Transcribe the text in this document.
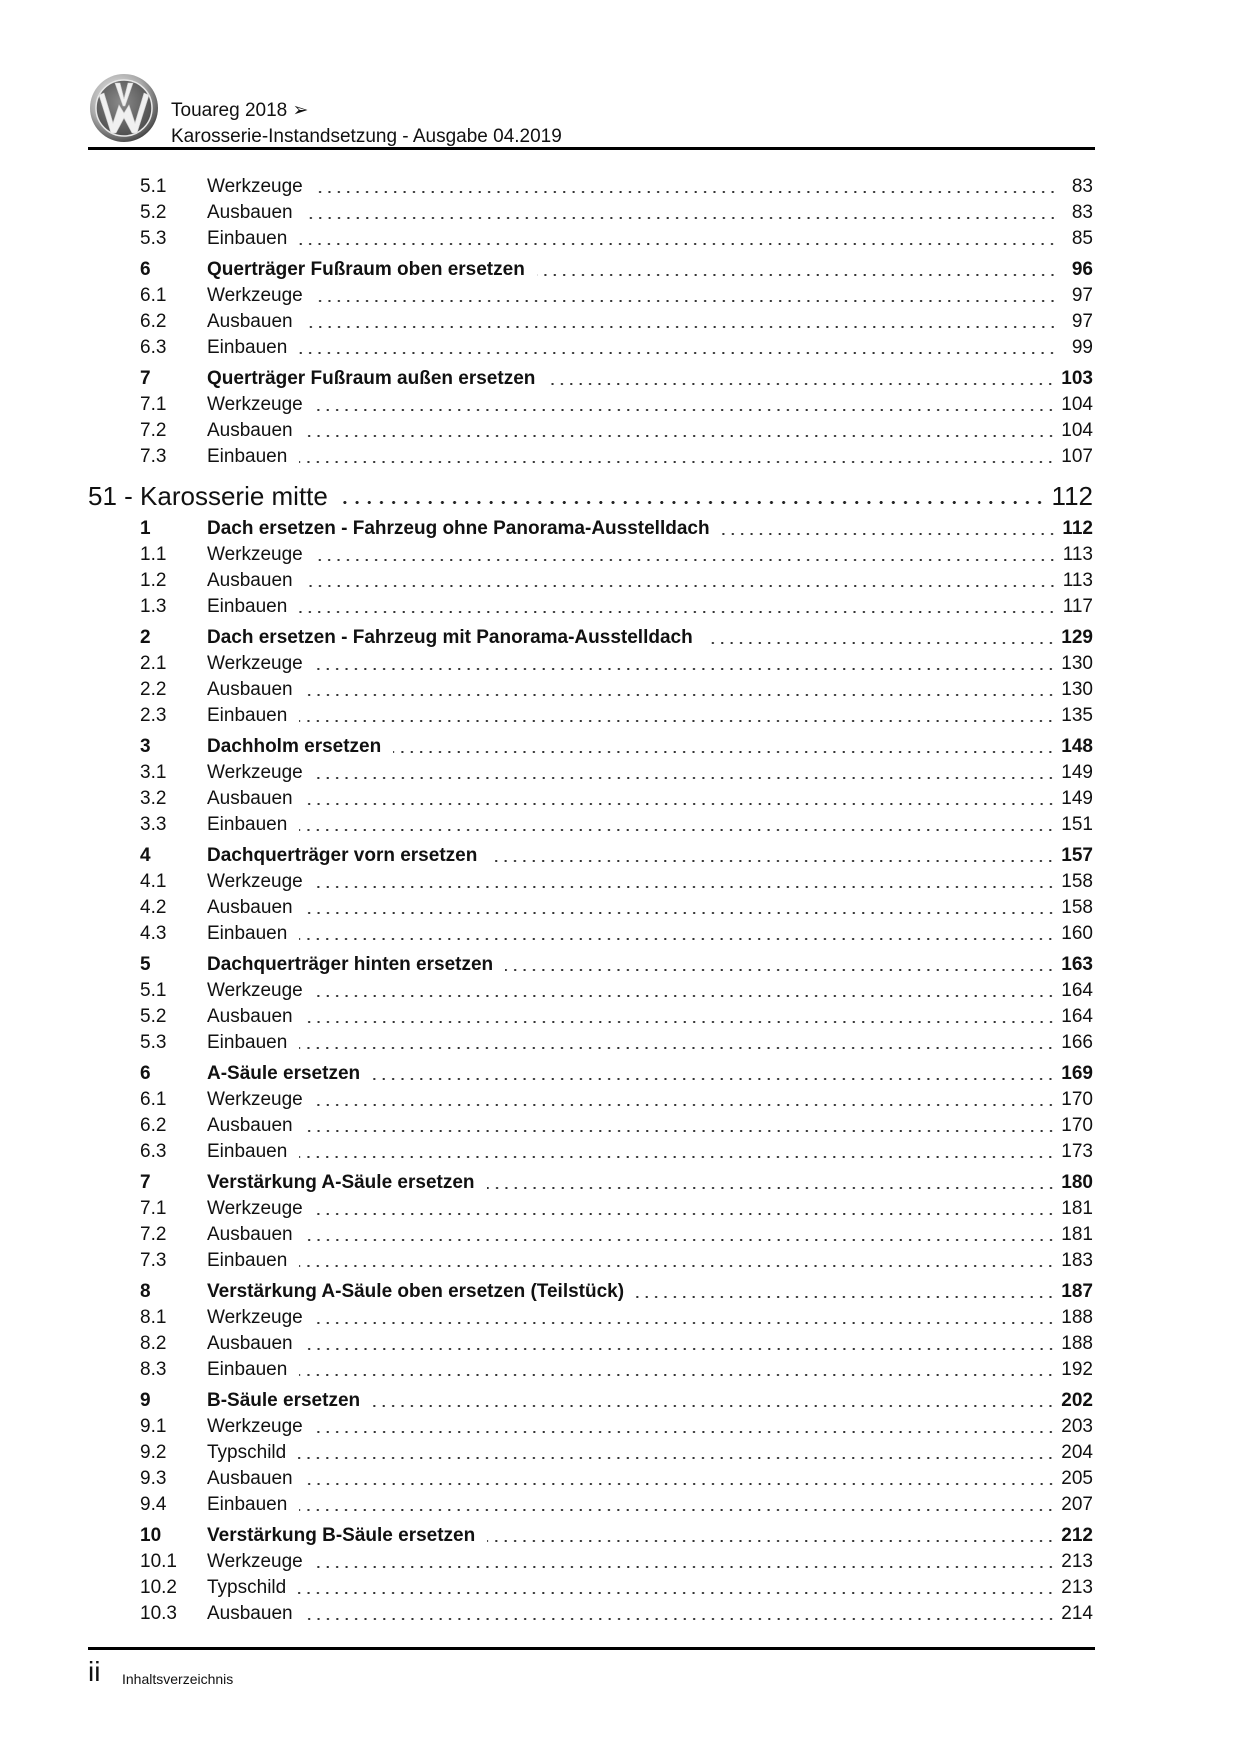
Touareg 2018 ➢
Karosserie-Instandsetzung - Ausgabe 04.2019
5.1	Werkzeuge	83
5.2	Ausbauen	83
5.3	Einbauen	85
6	Querträger Fußraum oben ersetzen	96
6.1	Werkzeuge	97
6.2	Ausbauen	97
6.3	Einbauen	99
7	Querträger Fußraum außen ersetzen	103
7.1	Werkzeuge	104
7.2	Ausbauen	104
7.3	Einbauen	107
51 - Karosserie mitte	112
1	Dach ersetzen - Fahrzeug ohne Panorama-Ausstelldach	112
1.1	Werkzeuge	113
1.2	Ausbauen	113
1.3	Einbauen	117
2	Dach ersetzen - Fahrzeug mit Panorama-Ausstelldach	129
2.1	Werkzeuge	130
2.2	Ausbauen	130
2.3	Einbauen	135
3	Dachholm ersetzen	148
3.1	Werkzeuge	149
3.2	Ausbauen	149
3.3	Einbauen	151
4	Dachquerträger vorn ersetzen	157
4.1	Werkzeuge	158
4.2	Ausbauen	158
4.3	Einbauen	160
5	Dachquerträger hinten ersetzen	163
5.1	Werkzeuge	164
5.2	Ausbauen	164
5.3	Einbauen	166
6	A-Säule ersetzen	169
6.1	Werkzeuge	170
6.2	Ausbauen	170
6.3	Einbauen	173
7	Verstärkung A-Säule ersetzen	180
7.1	Werkzeuge	181
7.2	Ausbauen	181
7.3	Einbauen	183
8	Verstärkung A-Säule oben ersetzen (Teilstück)	187
8.1	Werkzeuge	188
8.2	Ausbauen	188
8.3	Einbauen	192
9	B-Säule ersetzen	202
9.1	Werkzeuge	203
9.2	Typschild	204
9.3	Ausbauen	205
9.4	Einbauen	207
10	Verstärkung B-Säule ersetzen	212
10.1	Werkzeuge	213
10.2	Typschild	213
10.3	Ausbauen	214
ii Inhaltsverzeichnis
